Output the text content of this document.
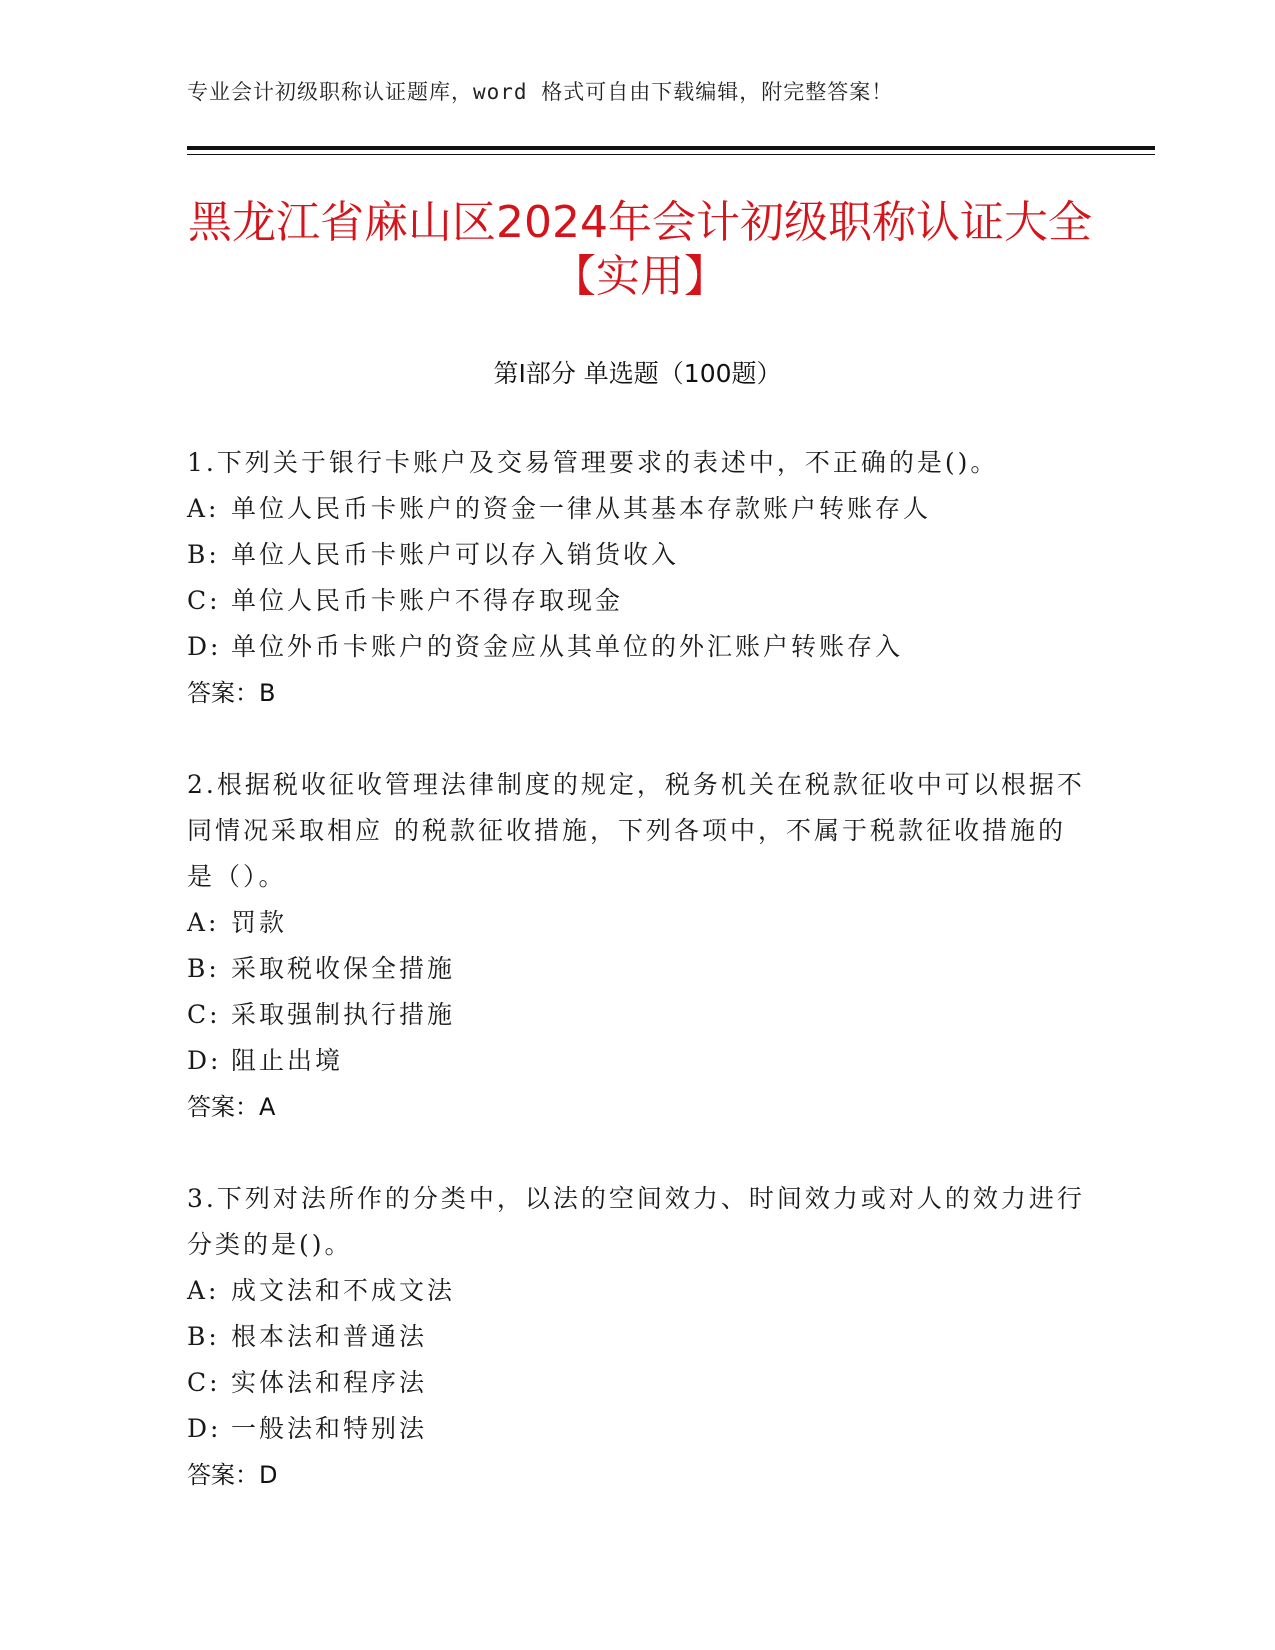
专业会计初级职称认证题库，word 格式可自由下载编辑，附完整答案！
黑龙江省麻山区2024年会计初级职称认证大全【实用】
第Ⅰ部分 单选题（100题）

1.下列关于银行卡账户及交易管理要求的表述中，不正确的是()。

A: 单位人民币卡账户的资金一律从其基本存款账户转账存人

B: 单位人民币卡账户可以存入销货收入

C: 单位人民币卡账户不得存取现金

D: 单位外币卡账户的资金应从其单位的外汇账户转账存入

答案：B

2.根据税收征收管理法律制度的规定，税务机关在税款征收中可以根据不同情况采取相应 的税款征收措施，下列各项中，不属于税款征收措施的是（）。

A: 罚款

B: 采取税收保全措施

C: 采取强制执行措施

D: 阻止出境

答案：A

3.下列对法所作的分类中，以法的空间效力、时间效力或对人的效力进行分类的是()。

A: 成文法和不成文法

B: 根本法和普通法

C: 实体法和程序法

D: 一般法和特别法

答案：D
